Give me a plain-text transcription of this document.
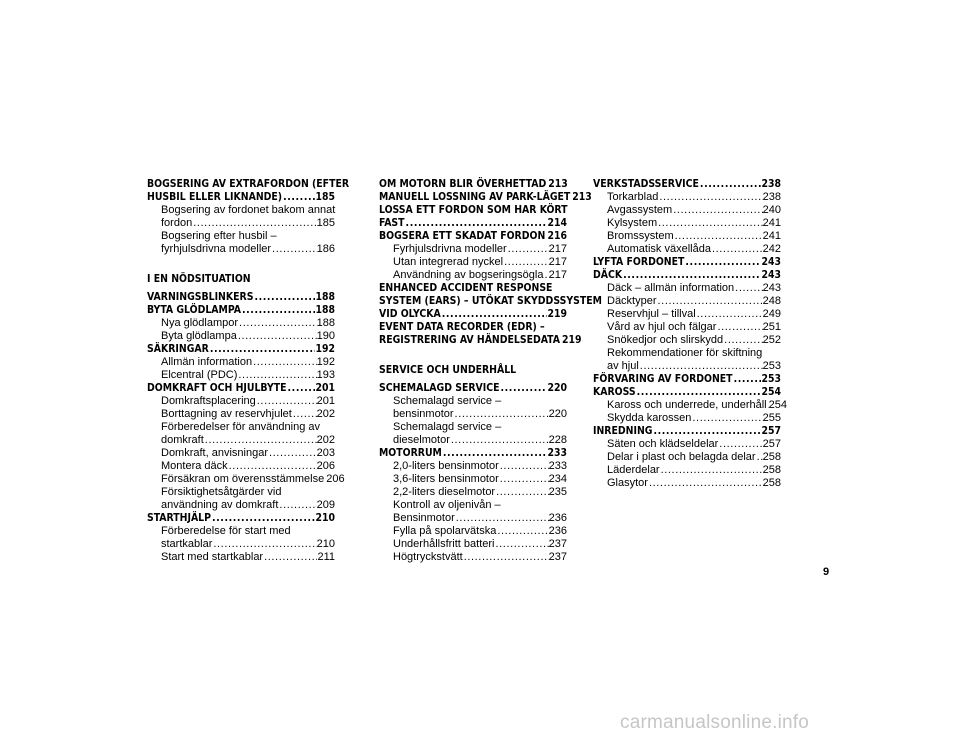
BOGSERING AV EXTRAFORDON (EFTER
HUSBIL ELLER LIKNANDE) .....	185
Bogsering av fordonet bakom annat
fordon .....	185
Bogsering efter husbil –
fyrhjulsdrivna modeller .....	186
I EN NÖDSITUATION
VARNINGSBLINKERS .....	188
BYTA GLÖDLAMPA .....	188
Nya glödlampor .....	188
Byta glödlampa .....	190
SÄKRINGAR .....	192
Allmän information .....	192
Elcentral (PDC) .....	193
DOMKRAFT OCH HJULBYTE .....	201
Domkraftsplacering .....	201
Borttagning av reservhjulet ..... 202
Förberedelser för användning av
domkraft .....	202
Domkraft, anvisningar .....	203
Montera däck .....	206
Försäkran om överensstämmelse ..... 206
Försiktighetsåtgärder vid
användning av domkraft .....	209
STARTHJÄLP .....	210
Förberedelse för start med
startkablar .....	210
Start med startkablar .....	211
OM MOTORN BLIR ÖVERHETTAD ..... 213
MANUELL LOSSNING AV PARK-LÄGET ..... 213
LOSSA ETT FORDON SOM HAR KÖRT
FAST .....	214
BOGSERA ETT SKADAT FORDON ..... 216
Fyrhjulsdrivna modeller .....	217
Utan integrerad nyckel .....	217
Användning av bogseringsögla ..... 217
ENHANCED ACCIDENT RESPONSE
SYSTEM (EARS) – UTÖKAT SKYDDSSYSTEM
VID OLYCKA .....	219
EVENT DATA RECORDER (EDR) –
REGISTRERING AV HÄNDELSEDATA ..... 219
SERVICE OCH UNDERHÅLL
SCHEMALAGD SERVICE .....	220
Schemalagd service –
bensinmotor .....	220
Schemalagd service –
dieselmotor .....	228
MOTORRUM .....	233
2,0-liters bensinmotor .....	233
3,6-liters bensinmotor .....	234
2,2-liters dieselmotor .....	235
Kontroll av oljenivån –
Bensinmotor .....	236
Fylla på spolarvätska .....	236
Underhållsfritt batteri .....	237
Högtryckstvätt .....	237
VERKSTADSSERVICE .....	238
Torkarblad .....	238
Avgassystem .....	240
Kylsystem .....	241
Bromssystem .....	241
Automatisk växellåda .....	242
LYFTA FORDONET .....	243
DÄCK .....	243
Däck – allmän information .....	243
Däcktyper .....	248
Reservhjul – tillval .....	249
Vård av hjul och fälgar .....	251
Snökedjor och slirskydd .....	252
Rekommendationer för skiftning
av hjul .....	253
FÖRVARING AV FORDONET .....	253
KAROSS .....	254
Kaross och underrede, underhåll ..... 254
Skydda karossen .....	255
INREDNING .....	257
Säten och klädseldelar .....	257
Delar i plast och belagda delar ..... 258
Läderdelar .....	258
Glasytor .....	258
9
carmanualsonline.info
